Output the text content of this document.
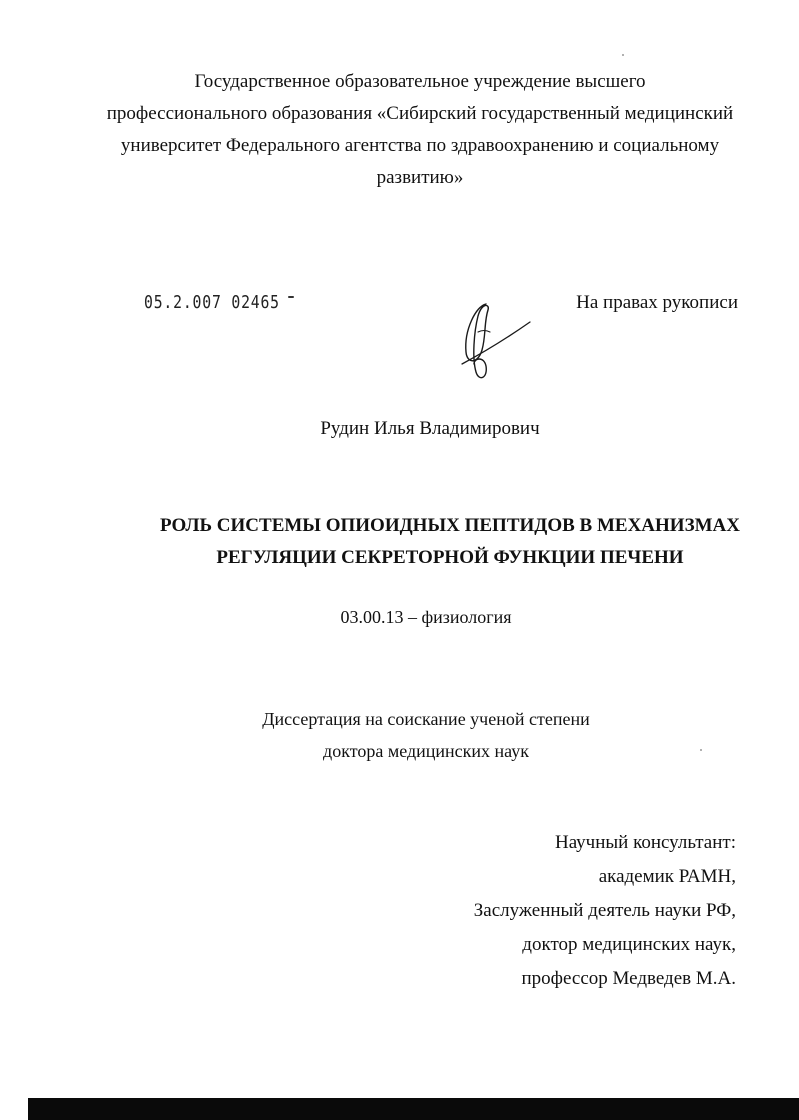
Государственное образовательное учреждение высшего
профессионального образования «Сибирский государственный медицинский
университет Федерального агентства по здравоохранению и социальному
развитию»
05.2.007 02465	На правах рукописи
Рудин Илья Владимирович
РОЛЬ СИСТЕМЫ ОПИОИДНЫХ ПЕПТИДОВ В МЕХАНИЗМАХ
РЕГУЛЯЦИИ СЕКРЕТОРНОЙ ФУНКЦИИ ПЕЧЕНИ
03.00.13 – физиология
Диссертация на соискание ученой степени
доктора медицинских наук
Научный консультант:
академик РАМН,
Заслуженный деятель науки РФ,
доктор медицинских наук,
профессор Медведев М.А.
